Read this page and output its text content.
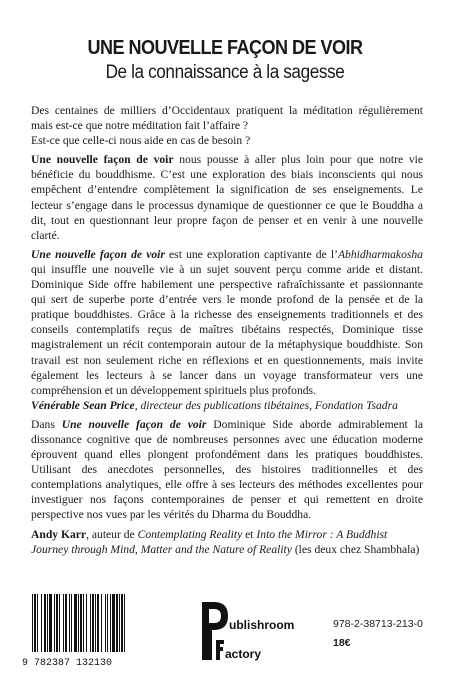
UNE NOUVELLE FAÇON DE VOIR
De la connaissance à la sagesse

Des centaines de milliers d’Occidentaux pratiquent la méditation régulièrement mais est-ce que notre méditation fait l’affaire ?

Est-ce que celle-ci nous aide en cas de besoin ?

Une nouvelle façon de voir nous pousse à aller plus loin pour que notre vie bénéficie du bouddhisme. C’est une exploration des biais inconscients qui nous empêchent d’entendre complètement la signification de ses enseignements. Le lecteur s’engage dans le processus dynamique de questionner ce que le Bouddha a dit, tout en questionnant leur propre façon de penser et en venir à une nouvelle clarté.

Une nouvelle façon de voir est une exploration captivante de l’Abhidharmakosha qui insuffle une nouvelle vie à un sujet souvent perçu comme aride et distant. Dominique Side offre habilement une perspective rafraîchissante et passionnante qui sert de superbe porte d’entrée vers le monde profond de la pensée et de la pratique bouddhistes. Grâce à la richesse des enseignements traditionnels et des conseils contemplatifs reçus de maîtres tibétains respectés, Dominique tisse magistralement un récit contemporain autour de la métaphysique bouddhiste. Son travail est non seulement riche en réflexions et en questionnements, mais invite également les lecteurs à se lancer dans un voyage transformateur vers une compréhension et un développement spirituels plus profonds.

Vénérable Sean Price, directeur des publications tibétaines, Fondation Tsadra

Dans Une nouvelle façon de voir Dominique Side aborde admirablement la dissonance cognitive que de nombreuses personnes avec une éducation moderne éprouvent quand elles plongent profondément dans les pratiques bouddhistes. Utilisant des anecdotes personnelles, des histoires traditionnelles et des contemplations analytiques, elle offre à ses lecteurs des méthodes excellentes pour investiguer nos façons contemporaines de penser et qui remettent en droite perspective nos vues par les vérités du Dharma du Bouddha.

Andy Karr, auteur de Contemplating Reality et Into the Mirror : A Buddhist Journey through Mind, Matter and the Nature of Reality (les deux chez Shambhala)

9 782387 132130
ublishroom
actory
978-2-38713-213-0
18€
